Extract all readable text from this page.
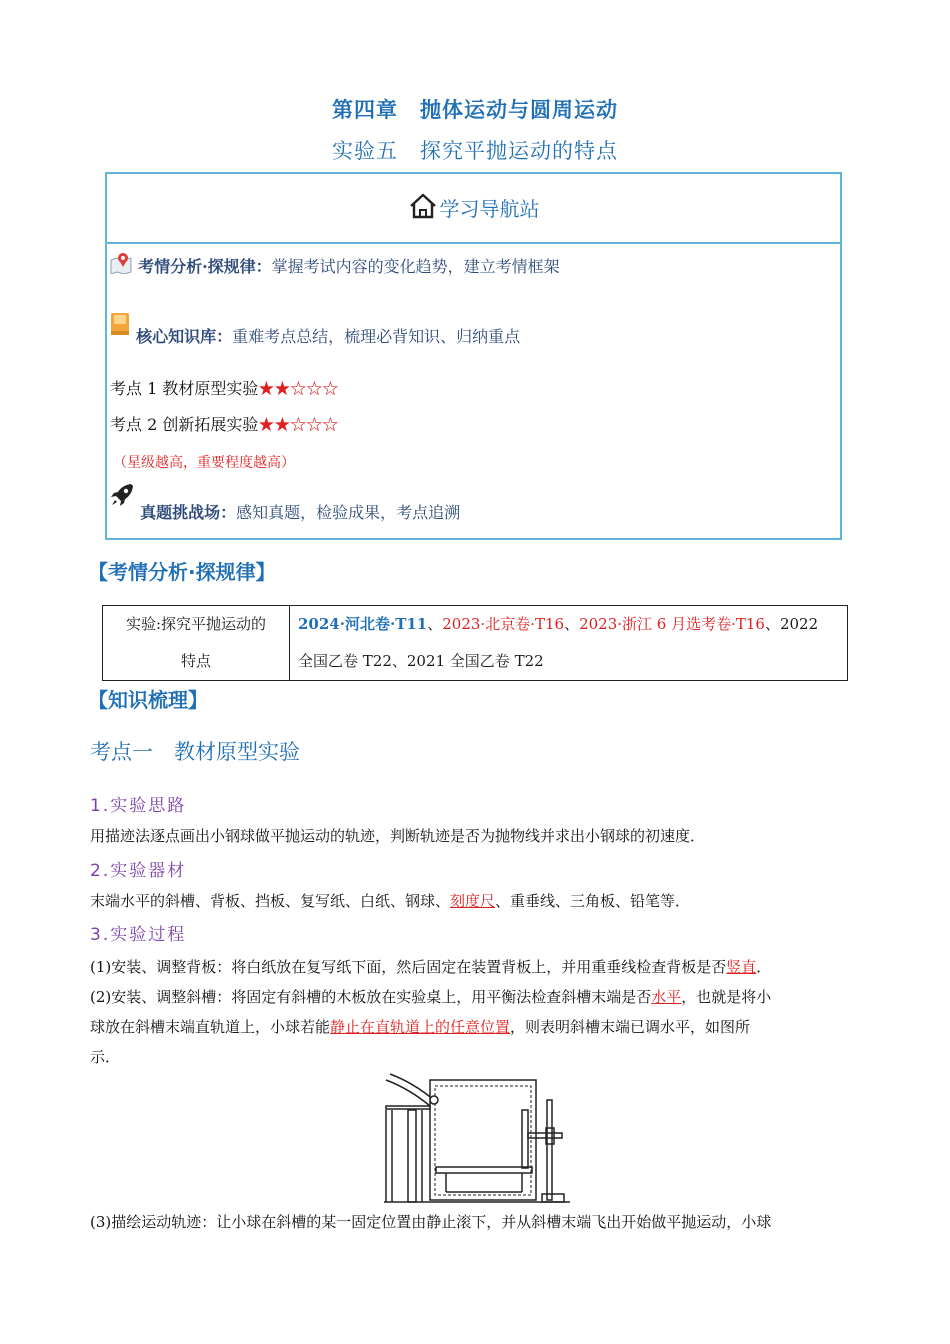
第四章　抛体运动与圆周运动
实验五　探究平抛运动的特点
学习导航站
考情分析·探规律：掌握考试内容的变化趋势，建立考情框架
核心知识库：重难考点总结，梳理必背知识、归纳重点
考点 1 教材原型实验★★☆☆☆
考点 2 创新拓展实验★★☆☆☆
（星级越高，重要程度越高）
真题挑战场：感知真题，检验成果，考点追溯
【考情分析·探规律】
实验:探究平抛运动的
特点

2024·河北卷·T11、2023·北京卷·T16、2023·浙江 6 月选考卷·T16、2022
全国乙卷 T22、2021 全国乙卷 T22
【知识梳理】
考点一　教材原型实验
1.实验思路
用描迹法逐点画出小钢球做平抛运动的轨迹，判断轨迹是否为抛物线并求出小钢球的初速度．
2.实验器材
末端水平的斜槽、背板、挡板、复写纸、白纸、钢球、刻度尺、重垂线、三角板、铅笔等．
3.实验过程
(1)安装、调整背板：将白纸放在复写纸下面，然后固定在装置背板上，并用重垂线检查背板是否竖直．
(2)安装、调整斜槽：将固定有斜槽的木板放在实验桌上，用平衡法检查斜槽末端是否水平，也就是将小
球放在斜槽末端直轨道上，小球若能静止在直轨道上的任意位置，则表明斜槽末端已调水平，如图所
示．
(3)描绘运动轨迹：让小球在斜槽的某一固定位置由静止滚下，并从斜槽末端飞出开始做平抛运动，小球
